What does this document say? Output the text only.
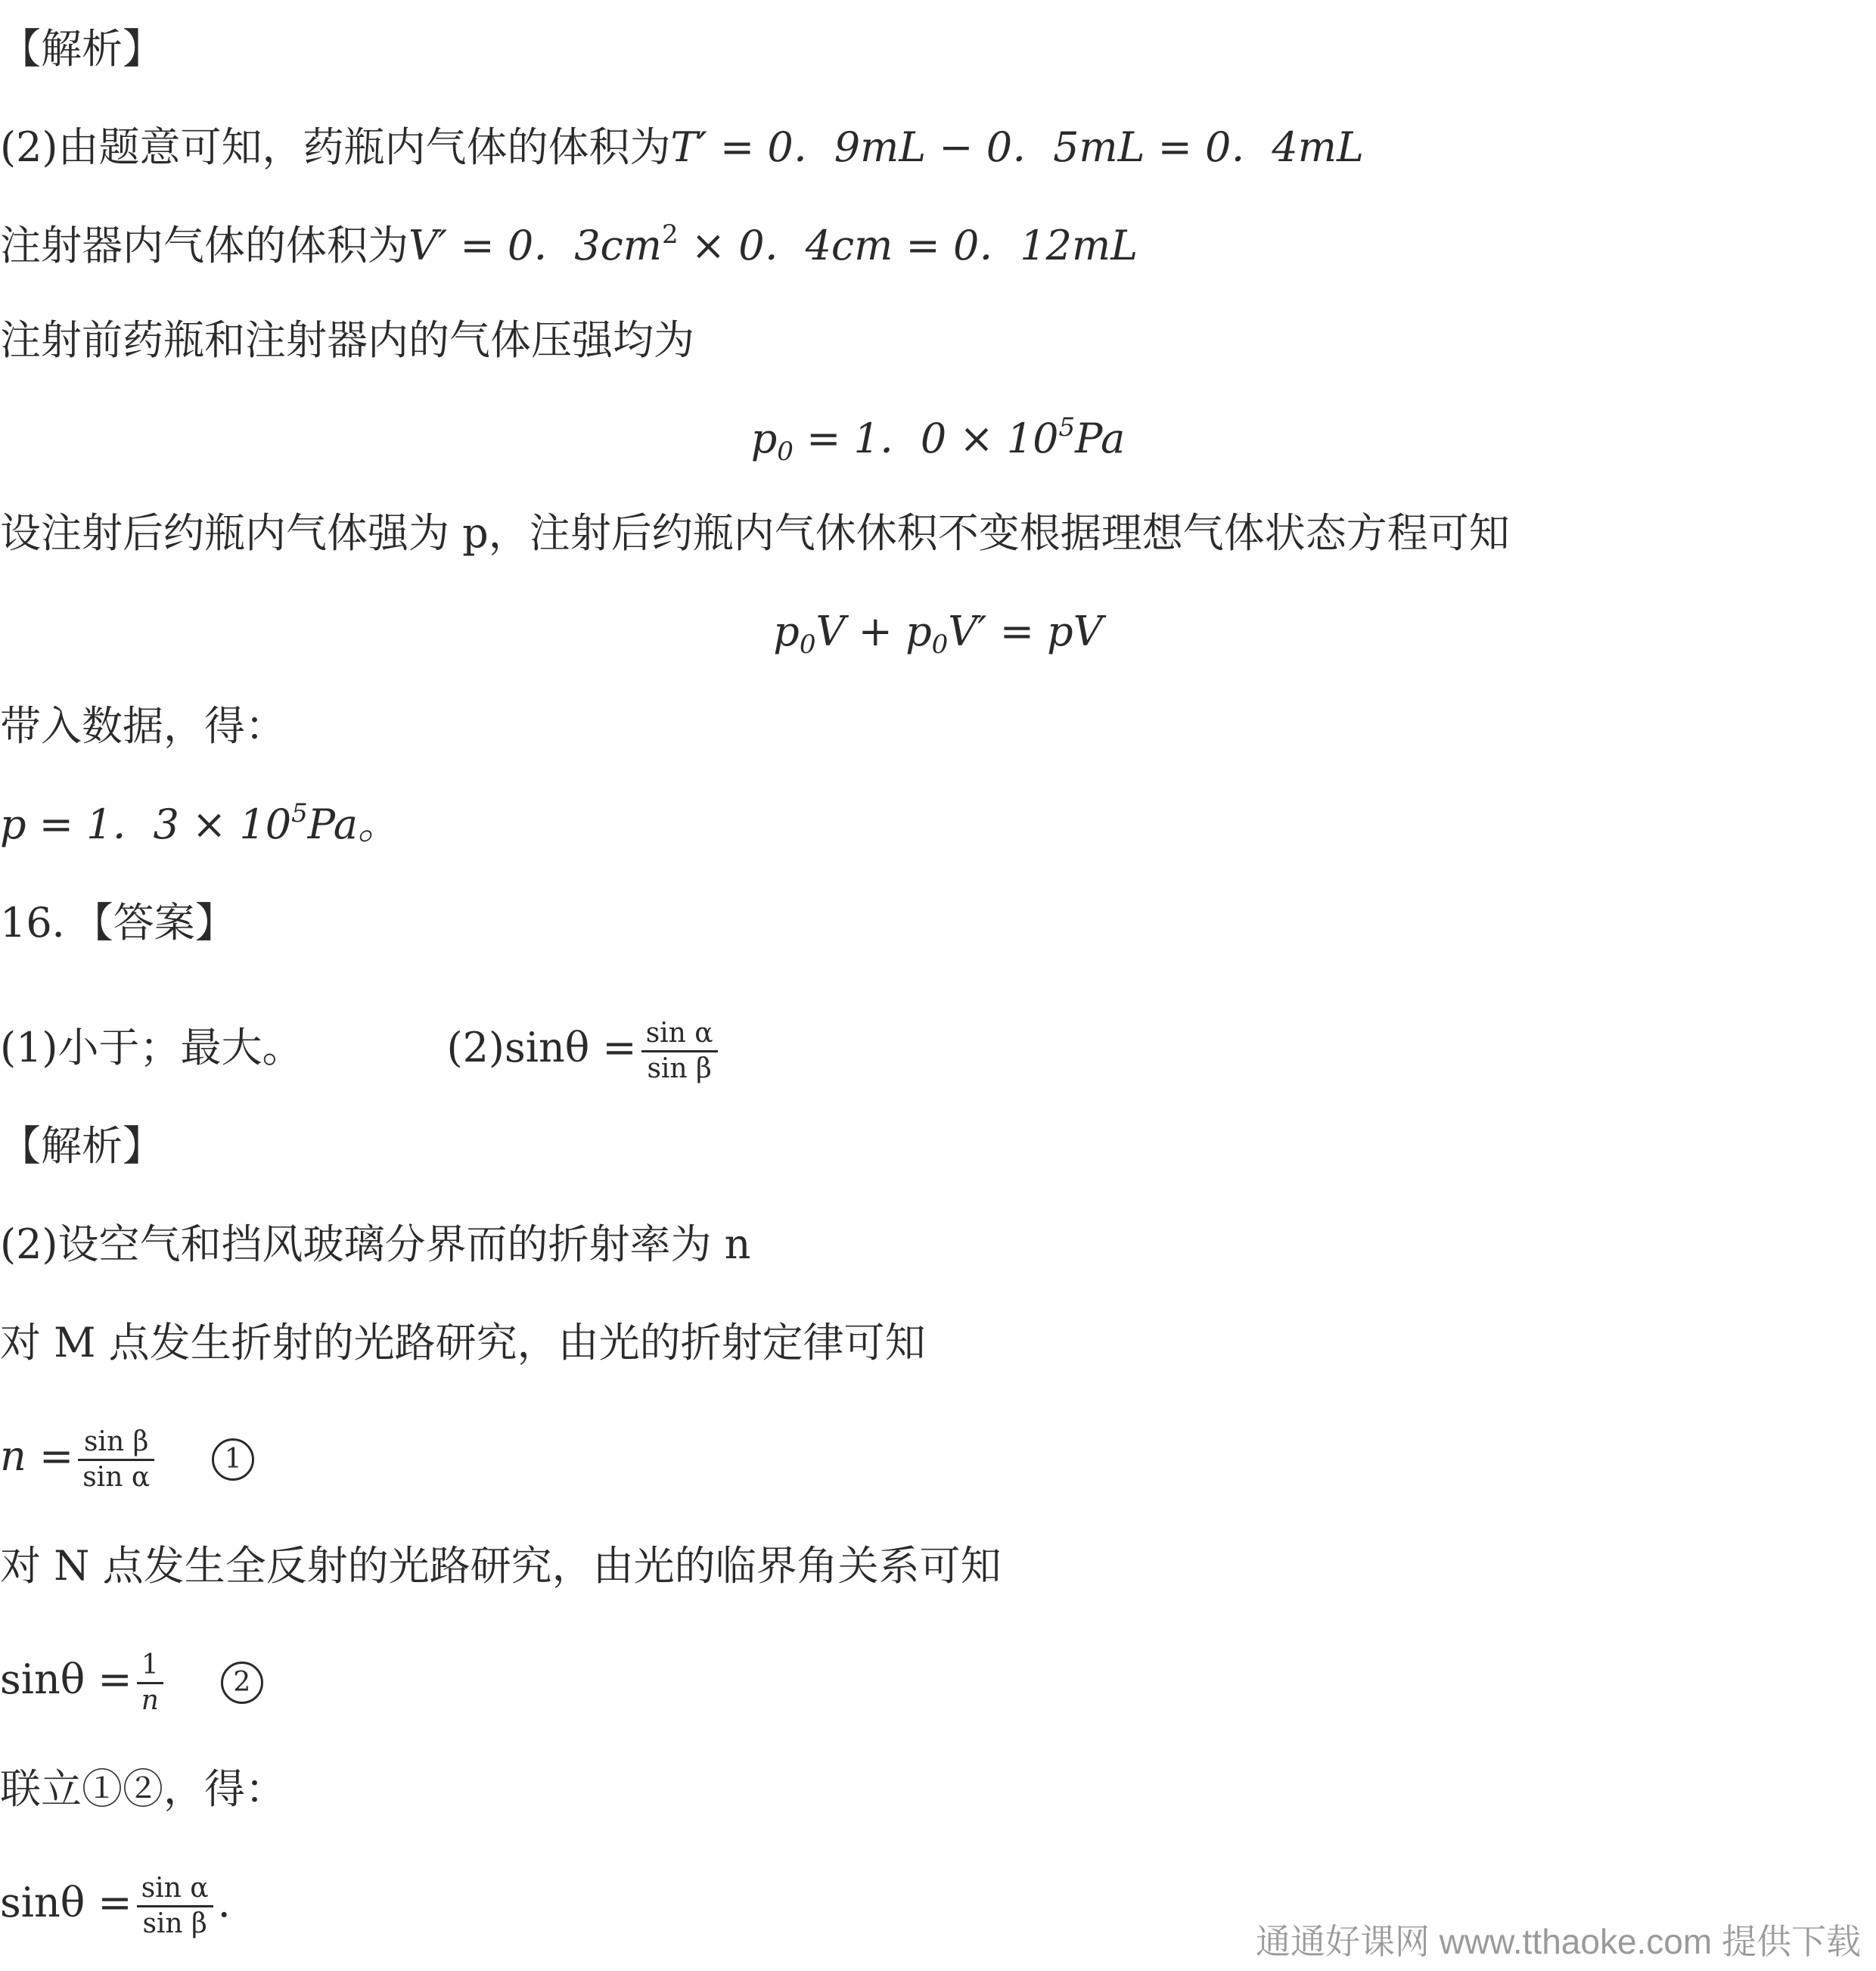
【解析】
(2)由题意可知，药瓶内气体的体积为T′ = 0．9mL − 0．5mL = 0．4mL
注射器内气体的体积为V′ = 0．$3cm^2 \times 0$．4cm = 0．12mL
注射前药瓶和注射器内的气体压强均为
$p_0 = 1$．$0 \times 10^5Pa$
设注射后约瓶内气体强为 p，注射后约瓶内气休休积不变根据理想气体状态方程可知
$p_0V + p_0V'$ = pV
带入数据，得：
p = 1．$3 \times 10^5Pa$。
16．【答案】
(1)小于；最大。	$(2)\sin\theta = \frac{\text{sin α}}{\text{sin β}}$
【解析】
(2)设空气和挡风玻璃分界而的折射率为 n
对 M 点发生折射的光路研究，由光的折射定律可知
$n = \frac{\text{sin β}}{\text{sin α}}$	1
对 N 点发生全反射的光路研究，由光的临界角关系可知
$\sin\theta = \frac{1}{n}$	2
联立①②，得：
$\sin\theta = \frac{\text{sin α}}{\text{sin β}}$ .
通通好课网 www.tthaoke.com 提供下载
